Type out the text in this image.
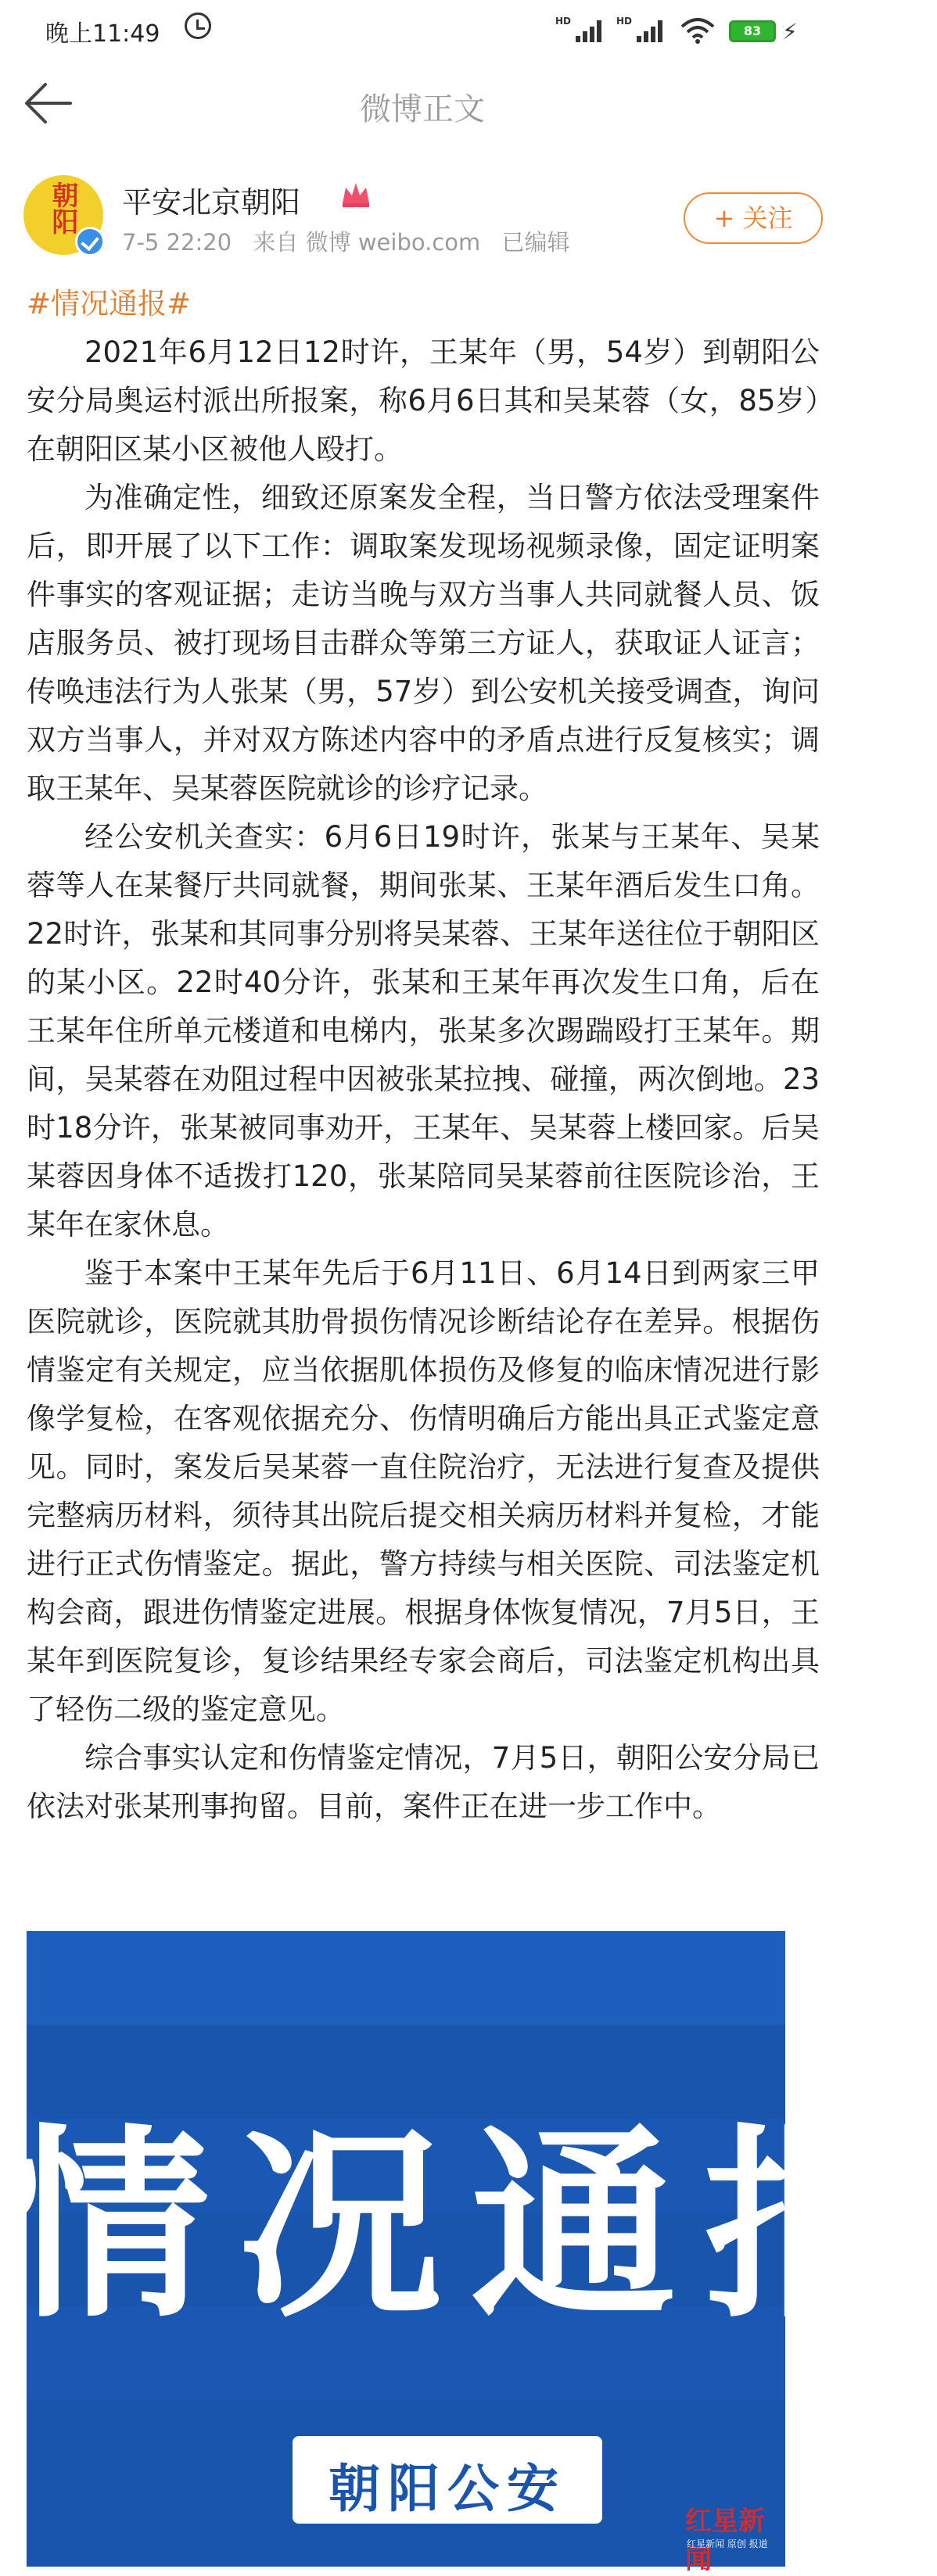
晚上11:49	HD	HD
83 ⚡
微博正文
朝阳 平安北京朝阳
7-5 22:20 来自 微博 weibo.com 已编辑
+ 关注
#情况通报#

2021年6月12日12时许，王某年（男，54岁）到朝阳公安分局奥运村派出所报案，称6月6日其和吴某蓉（女，85岁）在朝阳区某小区被他人殴打。

为准确定性，细致还原案发全程，当日警方依法受理案件后，即开展了以下工作：调取案发现场视频录像，固定证明案件事实的客观证据；走访当晚与双方当事人共同就餐人员、饭店服务员、被打现场目击群众等第三方证人，获取证人证言；传唤违法行为人张某（男，57岁）到公安机关接受调查，询问双方当事人，并对双方陈述内容中的矛盾点进行反复核实；调取王某年、吴某蓉医院就诊的诊疗记录。

经公安机关查实：6月6日19时许，张某与王某年、吴某蓉等人在某餐厅共同就餐，期间张某、王某年酒后发生口角。22时许，张某和其同事分别将吴某蓉、王某年送往位于朝阳区的某小区。22时40分许，张某和王某年再次发生口角，后在王某年住所单元楼道和电梯内，张某多次踢踹殴打王某年。期间，吴某蓉在劝阻过程中因被张某拉拽、碰撞，两次倒地。23时18分许，张某被同事劝开，王某年、吴某蓉上楼回家。后吴某蓉因身体不适拨打120，张某陪同吴某蓉前往医院诊治，王某年在家休息。

鉴于本案中王某年先后于6月11日、6月14日到两家三甲医院就诊，医院就其肋骨损伤情况诊断结论存在差异。根据伤情鉴定有关规定，应当依据肌体损伤及修复的临床情况进行影像学复检，在客观依据充分、伤情明确后方能出具正式鉴定意见。同时，案发后吴某蓉一直住院治疗，无法进行复查及提供完整病历材料，须待其出院后提交相关病历材料并复检，才能进行正式伤情鉴定。据此，警方持续与相关医院、司法鉴定机构会商，跟进伤情鉴定进展。根据身体恢复情况，7月5日，王某年到医院复诊，复诊结果经专家会商后，司法鉴定机构出具了轻伤二级的鉴定意见。

综合事实认定和伤情鉴定情况，7月5日，朝阳公安分局已依法对张某刑事拘留。目前，案件正在进一步工作中。

情况通报
朝阳公安
红星新闻
红星新闻 原创 报道
